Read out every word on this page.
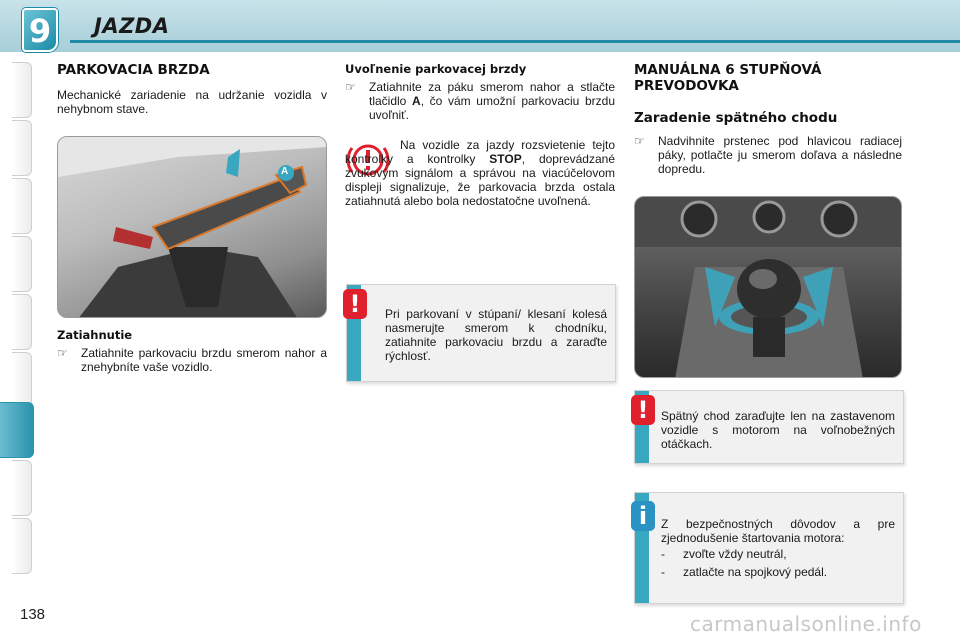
9	JAZDA
PARKOVACIA BRZDA
Mechanické zariadenie na udržanie vozidla v nehybnom stave.
A
Zatiahnutie
☞ Zatiahnite parkovaciu brzdu smerom nahor a znehybníte vaše vozidlo.
Uvoľnenie parkovacej brzdy
☞ Zatiahnite za páku smerom nahor a stlačte tlačidlo A, čo vám umožní parkovaciu brzdu uvoľniť.
Na vozidle za jazdy rozsvietenie tejto kontrolky a kontrolky STOP, doprevádzané zvukovým signálom a správou na viacúčelovom displeji signalizuje, že parkovacia brzda ostala zatiahnutá alebo bola nedostatočne uvoľnená.
!	Pri parkovaní v stúpaní/ klesaní kolesá nasmerujte smerom k chodníku, zatiahnite parkovaciu brzdu a zaraďte rýchlosť.
MANUÁLNA 6 STUPŇOVÁ
PREVODOVKA
Zaradenie spätného chodu
☞ Nadvihnite prstenec pod hlavicou radiacej páky, potlačte ju smerom doľava a následne dopredu.
!	Spätný chod zaraďujte len na zastavenom vozidle s motorom na voľnobežných otáčkach.
i	Z bezpečnostných dôvodov a pre zjednodušenie štartovania motora:
- zvoľte vždy neutrál,
- zatlačte na spojkový pedál.
138	carmanualsonline.info
